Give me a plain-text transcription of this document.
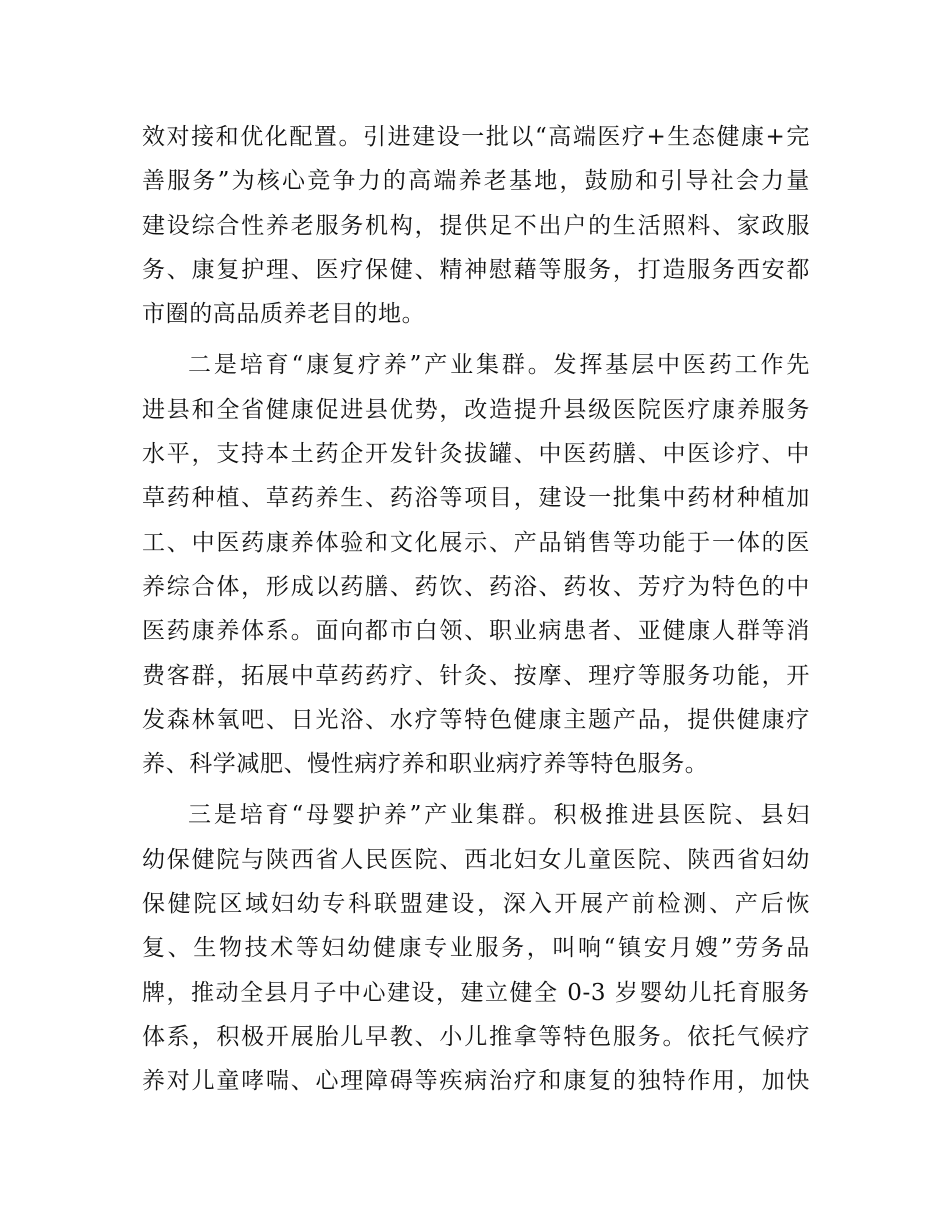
效对接和优化配置。引进建设一批以“高端医疗+生态健康+完
善服务”为核心竞争力的高端养老基地，鼓励和引导社会力量
建设综合性养老服务机构，提供足不出户的生活照料、家政服
务、康复护理、医疗保健、精神慰藉等服务，打造服务西安都
市圈的高品质养老目的地。
二是培育“康复疗养”产业集群。发挥基层中医药工作先
进县和全省健康促进县优势，改造提升县级医院医疗康养服务
水平，支持本土药企开发针灸拔罐、中医药膳、中医诊疗、中
草药种植、草药养生、药浴等项目，建设一批集中药材种植加
工、中医药康养体验和文化展示、产品销售等功能于一体的医
养综合体，形成以药膳、药饮、药浴、药妆、芳疗为特色的中
医药康养体系。面向都市白领、职业病患者、亚健康人群等消
费客群，拓展中草药药疗、针灸、按摩、理疗等服务功能，开
发森林氧吧、日光浴、水疗等特色健康主题产品，提供健康疗
养、科学减肥、慢性病疗养和职业病疗养等特色服务。
三是培育“母婴护养”产业集群。积极推进县医院、县妇
幼保健院与陕西省人民医院、西北妇女儿童医院、陕西省妇幼
保健院区域妇幼专科联盟建设，深入开展产前检测、产后恢
复、生物技术等妇幼健康专业服务，叫响“镇安月嫂”劳务品
牌，推动全县月子中心建设，建立健全 0-3 岁婴幼儿托育服务
体系，积极开展胎儿早教、小儿推拿等特色服务。依托气候疗
养对儿童哮喘、心理障碍等疾病治疗和康复的独特作用，加快
